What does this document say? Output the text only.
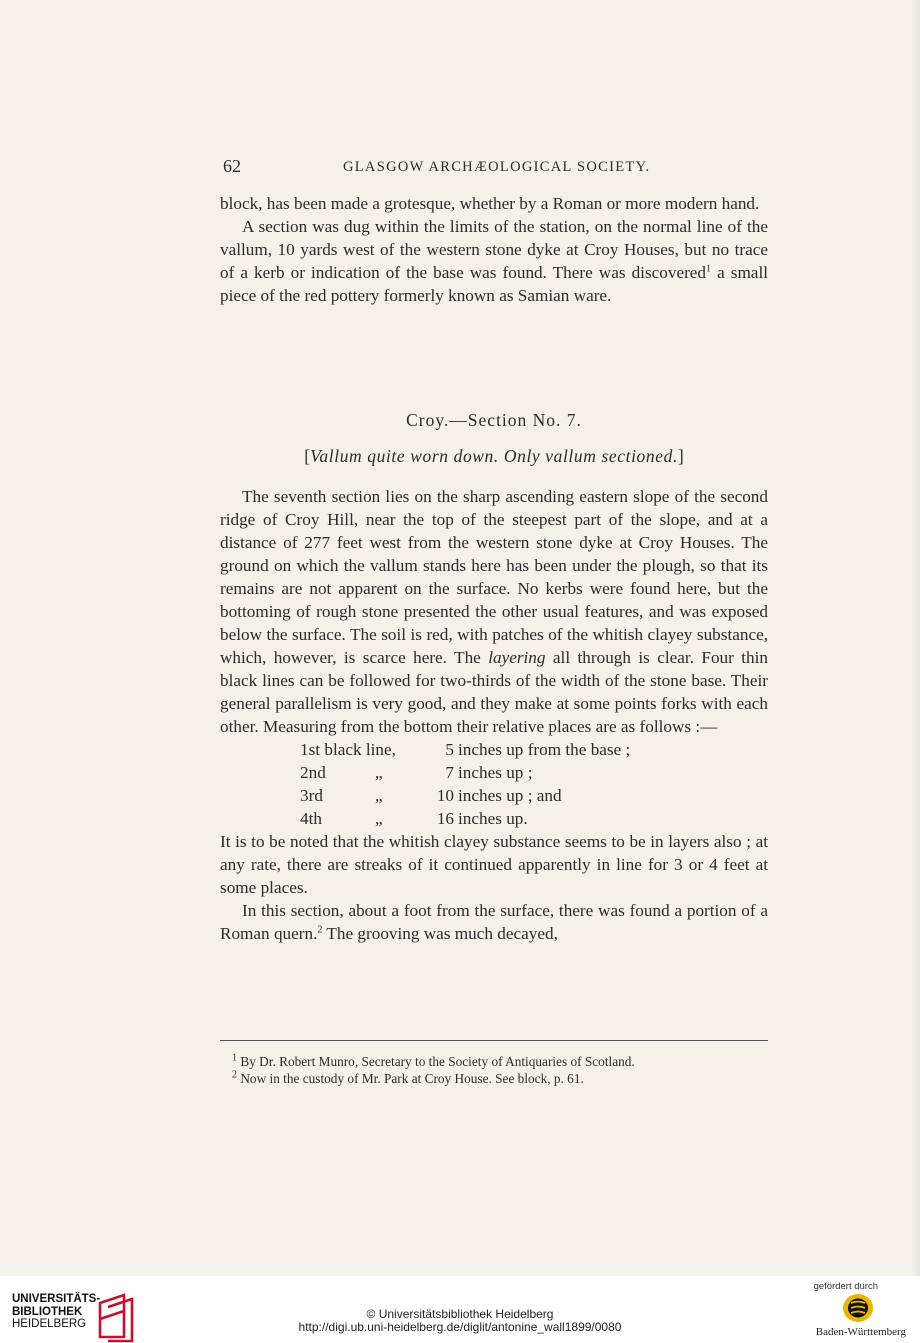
62	GLASGOW ARCHÆOLOGICAL SOCIETY.

block, has been made a grotesque, whether by a Roman or more modern hand.

A section was dug within the limits of the station, on the normal line of the vallum, 10 yards west of the western stone dyke at Croy Houses, but no trace of a kerb or indication of the base was found. There was discovered$^1$ a small piece of the red pottery formerly known as Samian ware.

Croy.—Section No. 7.
[Vallum quite worn down. Only vallum sectioned.]

The seventh section lies on the sharp ascending eastern slope of the second ridge of Croy Hill, near the top of the steepest part of the slope, and at a distance of 277 feet west from the western stone dyke at Croy Houses. The ground on which the vallum stands here has been under the plough, so that its remains are not apparent on the surface. No kerbs were found here, but the bottoming of rough stone presented the other usual features, and was exposed below the surface. The soil is red, with patches of the whitish clayey substance, which, however, is scarce here. The layering all through is clear. Four thin black lines can be followed for two-thirds of the width of the stone base. Their general parallelism is very good, and they make at some points forks with each other. Measuring from the bottom their relative places are as follows :—

1st black line,	5 inches up from the base ;
2nd	„	7 inches up ;
3rd	„	10 inches up ; and
4th	„	16 inches up.

It is to be noted that the whitish clayey substance seems to be in layers also ; at any rate, there are streaks of it continued apparently in line for 3 or 4 feet at some places.

In this section, about a foot from the surface, there was found a portion of a Roman quern.$^2$ The grooving was much decayed,

$^1$ By Dr. Robert Munro, Secretary to the Society of Antiquaries of Scotland.

$^2$ Now in the custody of Mr. Park at Croy House. See block, p. 61.

UNIVERSITÄTS-
BIBLIOTHEK
HEIDELBERG
© Universitätsbibliothek Heidelberg
http://digi.ub.uni-heidelberg.de/diglit/antonine_wall1899/0080
gefördert durch
Baden-Württemberg
